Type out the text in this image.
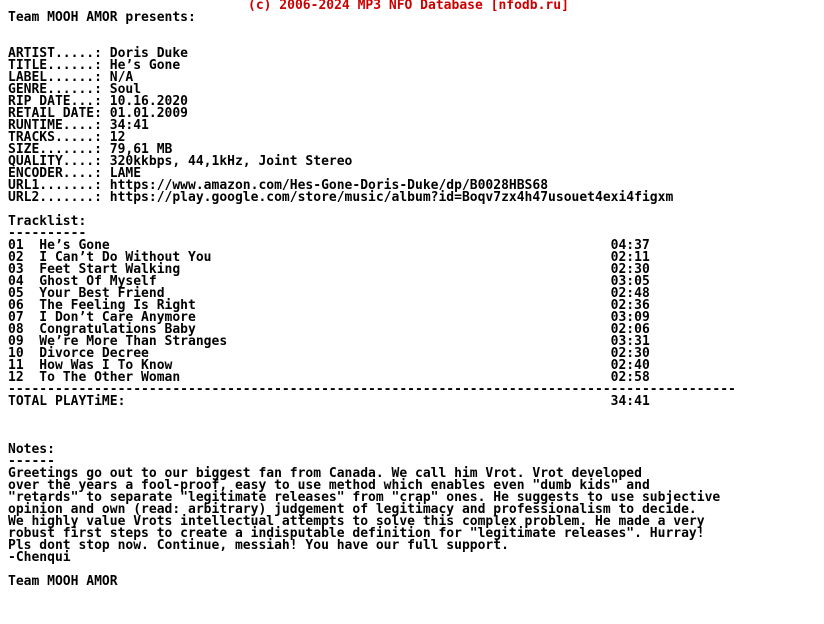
(c) 2006-2024 MP3 NFO Database [nfodb.ru]
Team MOOH AMOR presents:
ARTIST.....: Doris Duke
TITLE......: He’s Gone
LABEL......: N/A
GENRE......: Soul
RIP DATE...: 10.16.2020
RETAIL DATE: 01.01.2009
RUNTIME....: 34:41
TRACKS.....: 12
SIZE.......: 79,61 MB
QUALITY....: 320kkbps, 44,1kHz, Joint Stereo
ENCODER....: LAME
URL1.......: https://www.amazon.com/Hes-Gone-Doris-Duke/dp/B0028HBS68
URL2.......: https://play.google.com/store/music/album?id=Boqv7zx4h47usouet4exi4figxm
Tracklist:
----------
01  He’s Gone                                                                04:37
02  I Can’t Do Without You                                                   02:11
03  Feet Start Walking                                                       02:30
04  Ghost Of Myself                                                          03:05
05  Your Best Friend                                                         02:48
06  The Feeling Is Right                                                     02:36
07  I Don’t Care Anymore                                                     03:09
08  Congratulations Baby                                                     02:06
09  We’re More Than Stranges                                                 03:31
10  Divorce Decree                                                           02:30
11  How Was I To Know                                                        02:40
12  To The Other Woman                                                       02:58
---------------------------------------------------------------------------------------------
TOTAL PLAYTiME:                                                              34:41
Notes:
------
Greetings go out to our biggest fan from Canada. We call him Vrot. Vrot developed
over the years a fool-proof, easy to use method which enables even "dumb kids" and
"retards" to separate "legitimate releases" from "crap" ones. He suggests to use subjective
opinion and own (read: arbitrary) judgement of legitimacy and professionalism to decide.
We highly value Vrots intellectual attempts to solve this complex problem. He made a very
robust first steps to create a indisputable definition for "legitimate releases". Hurray!
Pls dont stop now. Continue, messiah! You have our full support.
-Chenqui
Team MOOH AMOR
